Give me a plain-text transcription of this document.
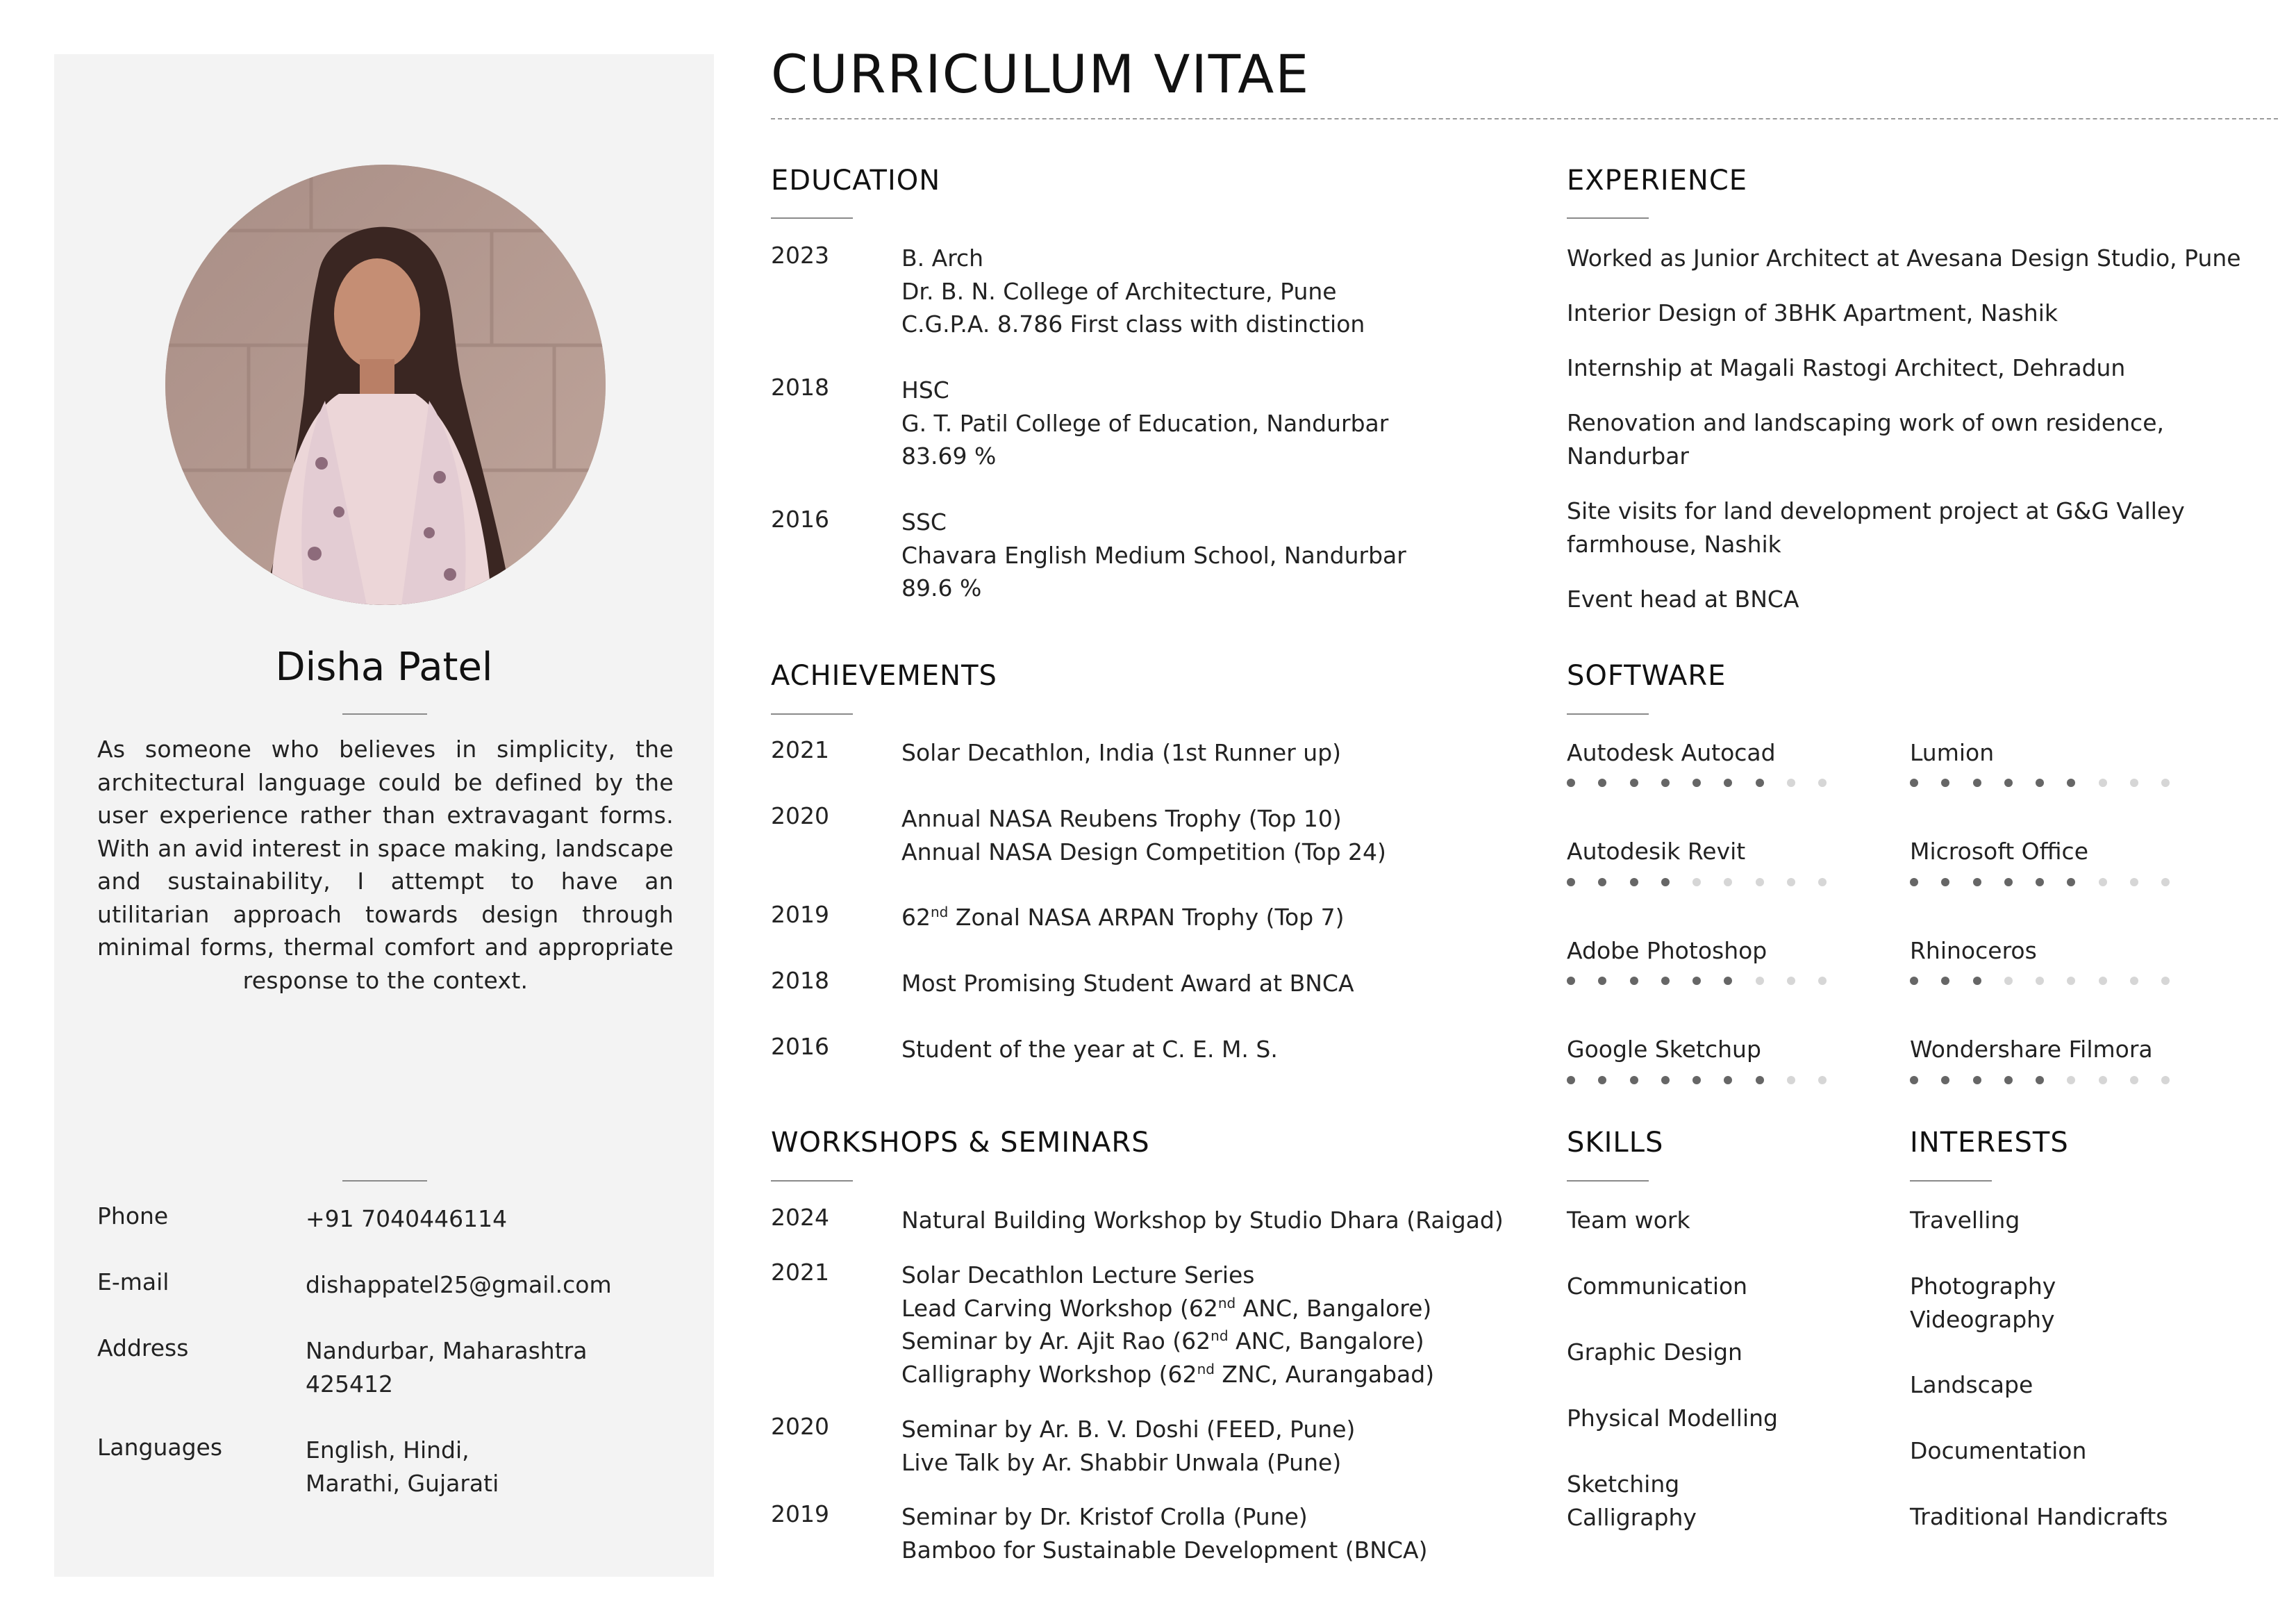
Disha Patel
As someone who believes in simplicity, the architectural language could be defined by the user experience rather than extravagant forms. With an avid interest in space making, landscape and sustainability, I attempt to have an utilitarian approach towards design through minimal forms, thermal comfort and appropriate response to the context.
Phone	+91 7040446114
E-mail	dishappatel25@gmail.com
Address	Nandurbar, Maharashtra
425412
Languages	English, Hindi,
Marathi, Gujarati
CURRICULUM VITAE
EDUCATION
2023	B. Arch
Dr. B. N. College of Architecture, Pune
C.G.P.A. 8.786 First class with distinction
2018	HSC
G. T. Patil College of Education, Nandurbar
83.69 %
2016	SSC
Chavara English Medium School, Nandurbar
89.6 %
EXPERIENCE
Worked as Junior Architect at Avesana Design Studio, Pune
Interior Design of 3BHK Apartment, Nashik
Internship at Magali Rastogi Architect, Dehradun
Renovation and landscaping work of own residence,
Nandurbar
Site visits for land development project at G&G Valley
farmhouse, Nashik
Event head at BNCA
ACHIEVEMENTS
2021	Solar Decathlon, India (1st Runner up)
2020	Annual NASA Reubens Trophy (Top 10)
Annual NASA Design Competition (Top 24)
2019	62nd Zonal NASA ARPAN Trophy (Top 7)
2018	Most Promising Student Award at BNCA
2016	Student of the year at C. E. M. S.
SOFTWARE
Autodesk Autocad	Lumion
Autodesik Revit	Microsoft Office
Adobe Photoshop	Rhinoceros
Google Sketchup	Wondershare Filmora
WORKSHOPS & SEMINARS
2024	Natural Building Workshop by Studio Dhara (Raigad)
2021	Solar Decathlon Lecture Series
Lead Carving Workshop (62nd ANC, Bangalore)
Seminar by Ar. Ajit Rao (62nd ANC, Bangalore)
Calligraphy Workshop (62nd ZNC, Aurangabad)
2020	Seminar by Ar. B. V. Doshi (FEED, Pune)
Live Talk by Ar. Shabbir Unwala (Pune)
2019	Seminar by Dr. Kristof Crolla (Pune)
Bamboo for Sustainable Development (BNCA)
SKILLS
Team work
Communication
Graphic Design
Physical Modelling
Sketching
Calligraphy
INTERESTS
Travelling
Photography
Videography
Landscape
Documentation
Traditional Handicrafts
